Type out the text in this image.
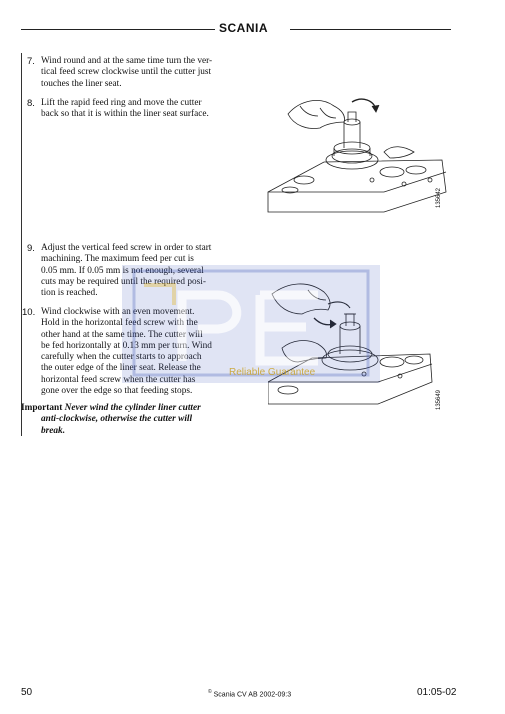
SCANIA
7. Wind round and at the same time turn the ver-
tical feed screw clockwise until the cutter just
touches the liner seat.
8. Lift the rapid feed ring and move the cutter
back so that it is within the liner seat surface.
9. Adjust the vertical feed screw in order to start
machining. The maximum feed per cut is
0.05 mm. If 0.05 mm is not enough, several
cuts may be required until the required posi-
tion is reached.
10. Wind clockwise with an even movement.
Hold in the horizontal feed screw with the
other hand at the same time. The cutter will
be fed horizontally at 0.13 mm per turn. Wind
carefully when the cutter starts to approach
the outer edge of the liner seat. Release the
horizontal feed screw when the cutter has
gone over the edge so that feeding stops.
Important Never wind the cylinder liner cutter
anti-clockwise, otherwise the cutter will
break.
135642
135649
Reliable Guarantee
50	© Scania CV AB 2002-09:3	01:05-02
